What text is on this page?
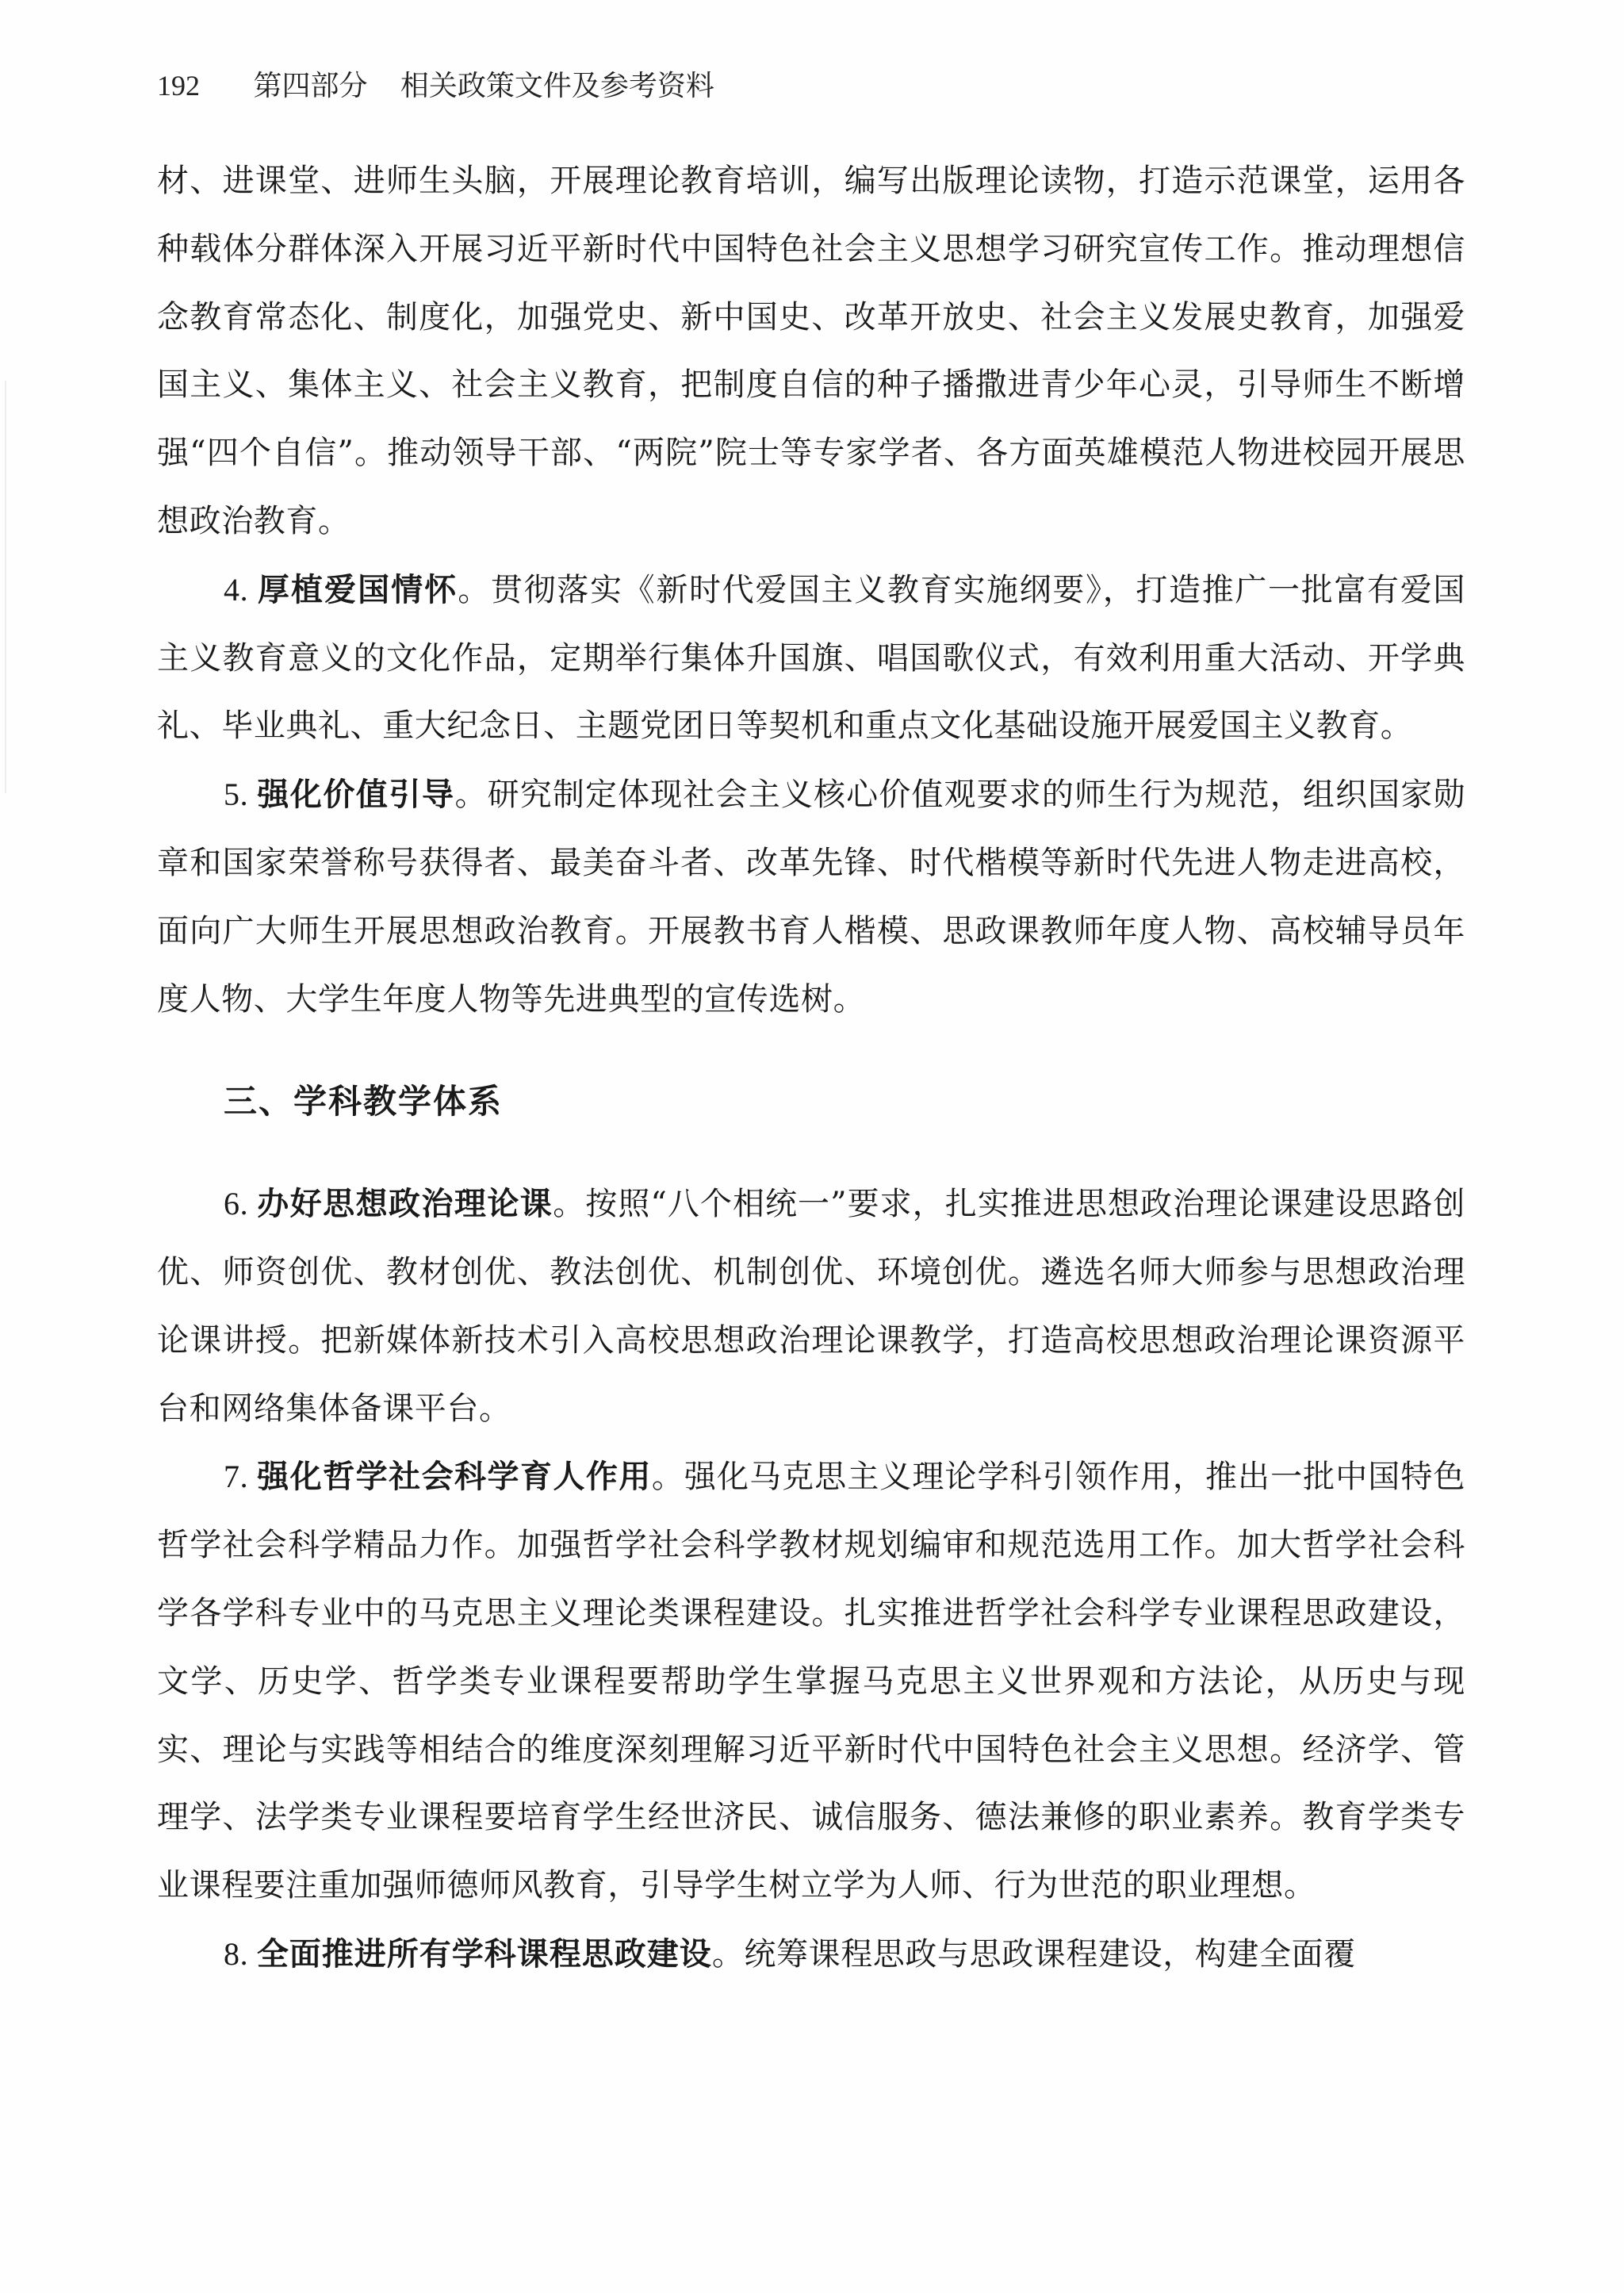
192 第四部分 相关政策文件及参考资料

材、进课堂、进师生头脑，开展理论教育培训，编写出版理论读物，打造示范课堂，运用各种载体分群体深入开展习近平新时代中国特色社会主义思想学习研究宣传工作。推动理想信念教育常态化、制度化，加强党史、新中国史、改革开放史、社会主义发展史教育，加强爱国主义、集体主义、社会主义教育，把制度自信的种子播撒进青少年心灵，引导师生不断增强“四个自信”。推动领导干部、“两院”院士等专家学者、各方面英雄模范人物进校园开展思想政治教育。

4. 厚植爱国情怀。贯彻落实《新时代爱国主义教育实施纲要》，打造推广一批富有爱国主义教育意义的文化作品，定期举行集体升国旗、唱国歌仪式，有效利用重大活动、开学典礼、毕业典礼、重大纪念日、主题党团日等契机和重点文化基础设施开展爱国主义教育。

5. 强化价值引导。研究制定体现社会主义核心价值观要求的师生行为规范，组织国家勋章和国家荣誉称号获得者、最美奋斗者、改革先锋、时代楷模等新时代先进人物走进高校，面向广大师生开展思想政治教育。开展教书育人楷模、思政课教师年度人物、高校辅导员年度人物、大学生年度人物等先进典型的宣传选树。

三、学科教学体系

6. 办好思想政治理论课。按照“八个相统一”要求，扎实推进思想政治理论课建设思路创优、师资创优、教材创优、教法创优、机制创优、环境创优。遴选名师大师参与思想政治理论课讲授。把新媒体新技术引入高校思想政治理论课教学，打造高校思想政治理论课资源平台和网络集体备课平台。

7. 强化哲学社会科学育人作用。强化马克思主义理论学科引领作用，推出一批中国特色哲学社会科学精品力作。加强哲学社会科学教材规划编审和规范选用工作。加大哲学社会科学各学科专业中的马克思主义理论类课程建设。扎实推进哲学社会科学专业课程思政建设，文学、历史学、哲学类专业课程要帮助学生掌握马克思主义世界观和方法论，从历史与现实、理论与实践等相结合的维度深刻理解习近平新时代中国特色社会主义思想。经济学、管理学、法学类专业课程要培育学生经世济民、诚信服务、德法兼修的职业素养。教育学类专业课程要注重加强师德师风教育，引导学生树立学为人师、行为世范的职业理想。

8. 全面推进所有学科课程思政建设。统筹课程思政与思政课程建设，构建全面覆
